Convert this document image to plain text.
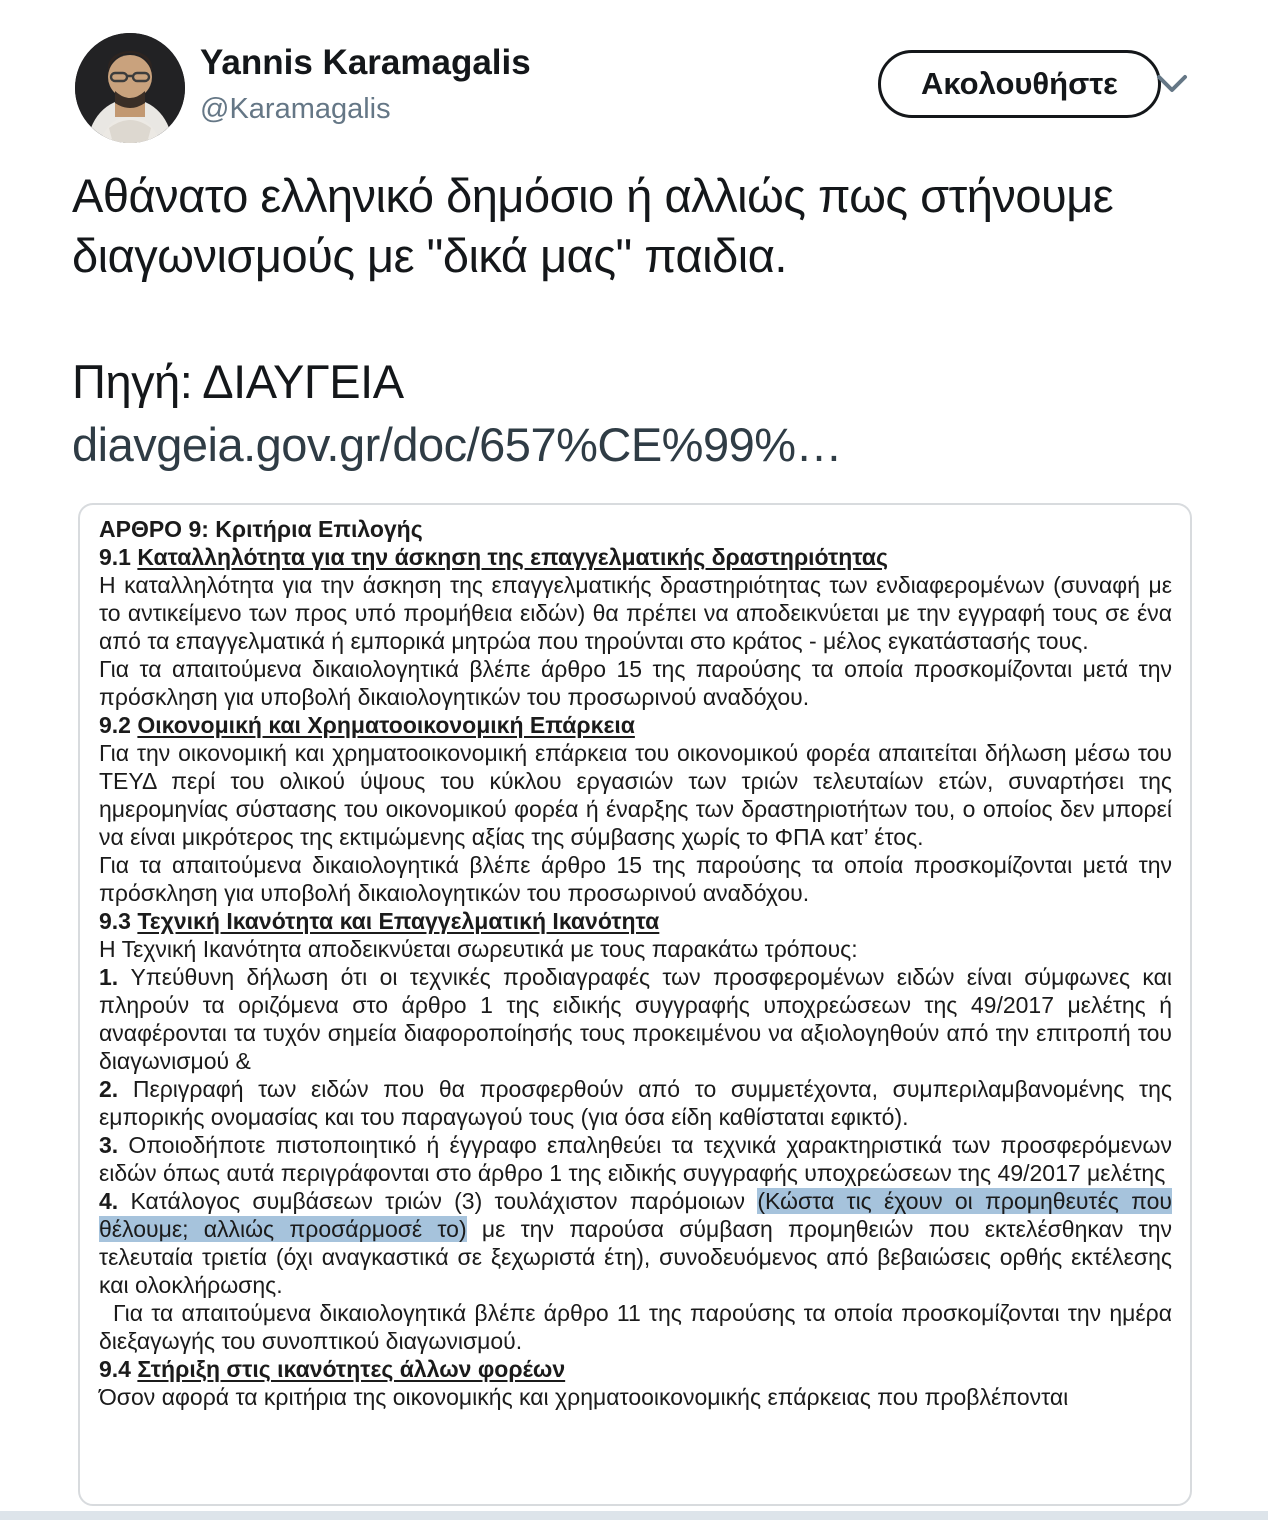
Yannis Karamagalis
@Karamagalis
Ακολουθήστε
Αθάνατο ελληνικό δημόσιο ή αλλιώς πως στήνουμε διαγωνισμούς με "δικά μας" παιδια.
Πηγή: ΔΙΑΥΓΕΙΑ
diavgeia.gov.gr/doc/657%CE%99%…
ΑΡΘΡΟ 9: Κριτήρια Επιλογής
9.1 Καταλληλότητα για την άσκηση της επαγγελματικής δραστηριότητας
Η καταλληλότητα για την άσκηση της επαγγελματικής δραστηριότητας των ενδιαφερομένων (συναφή με το αντικείμενο των προς υπό προμήθεια ειδών) θα πρέπει να αποδεικνύεται με την εγγραφή τους σε ένα από τα επαγγελματικά ή εμπορικά μητρώα που τηρούνται στο κράτος - μέλος εγκατάστασής τους.
Για τα απαιτούμενα δικαιολογητικά βλέπε άρθρο 15 της παρούσης τα οποία προσκομίζονται μετά την πρόσκληση για υποβολή δικαιολογητικών του προσωρινού αναδόχου.
9.2 Οικονομική και Χρηματοοικονομική Επάρκεια
Για την οικονομική και χρηματοοικονομική επάρκεια του οικονομικού φορέα απαιτείται δήλωση μέσω του ΤΕΥΔ περί του ολικού ύψους του κύκλου εργασιών των τριών τελευταίων ετών, συναρτήσει της ημερομηνίας σύστασης του οικονομικού φορέα ή έναρξης των δραστηριοτήτων του, ο οποίος δεν μπορεί να είναι μικρότερος της εκτιμώμενης αξίας της σύμβασης χωρίς το ΦΠΑ κατ’ έτος.
Για τα απαιτούμενα δικαιολογητικά βλέπε άρθρο 15 της παρούσης τα οποία προσκομίζονται μετά την πρόσκληση για υποβολή δικαιολογητικών του προσωρινού αναδόχου.
9.3 Τεχνική Ικανότητα και Επαγγελματική Ικανότητα
Η Τεχνική Ικανότητα αποδεικνύεται σωρευτικά με τους παρακάτω τρόπους:
1. Υπεύθυνη δήλωση ότι οι τεχνικές προδιαγραφές των προσφερομένων ειδών είναι σύμφωνες και πληρούν τα οριζόμενα στο άρθρο 1 της ειδικής συγγραφής υποχρεώσεων της 49/2017 μελέτης ή αναφέρονται τα τυχόν σημεία διαφοροποίησής τους προκειμένου να αξιολογηθούν από την επιτροπή του διαγωνισμού &
2. Περιγραφή των ειδών που θα προσφερθούν από το συμμετέχοντα, συμπεριλαμβανομένης της εμπορικής ονομασίας και του παραγωγού τους (για όσα είδη καθίσταται εφικτό).
3. Οποιοδήποτε πιστοποιητικό ή έγγραφο επαληθεύει τα τεχνικά χαρακτηριστικά των προσφερόμενων ειδών όπως αυτά περιγράφονται στο άρθρο 1 της ειδικής συγγραφής υποχρεώσεων της 49/2017 μελέτης
4. Κατάλογος συμβάσεων τριών (3) τουλάχιστον παρόμοιων (Κώστα τις έχουν οι προμηθευτές που θέλουμε; αλλιώς προσάρμοσέ το) με την παρούσα σύμβαση προμηθειών που εκτελέσθηκαν την τελευταία τριετία (όχι αναγκαστικά σε ξεχωριστά έτη), συνοδευόμενος από βεβαιώσεις ορθής εκτέλεσης και ολοκλήρωσης.
Για τα απαιτούμενα δικαιολογητικά βλέπε άρθρο 11 της παρούσης τα οποία προσκομίζονται την ημέρα διεξαγωγής του συνοπτικού διαγωνισμού.
9.4 Στήριξη στις ικανότητες άλλων φορέων
Όσον αφορά τα κριτήρια της οικονομικής και χρηματοοικονομικής επάρκειας που προβλέπονται
